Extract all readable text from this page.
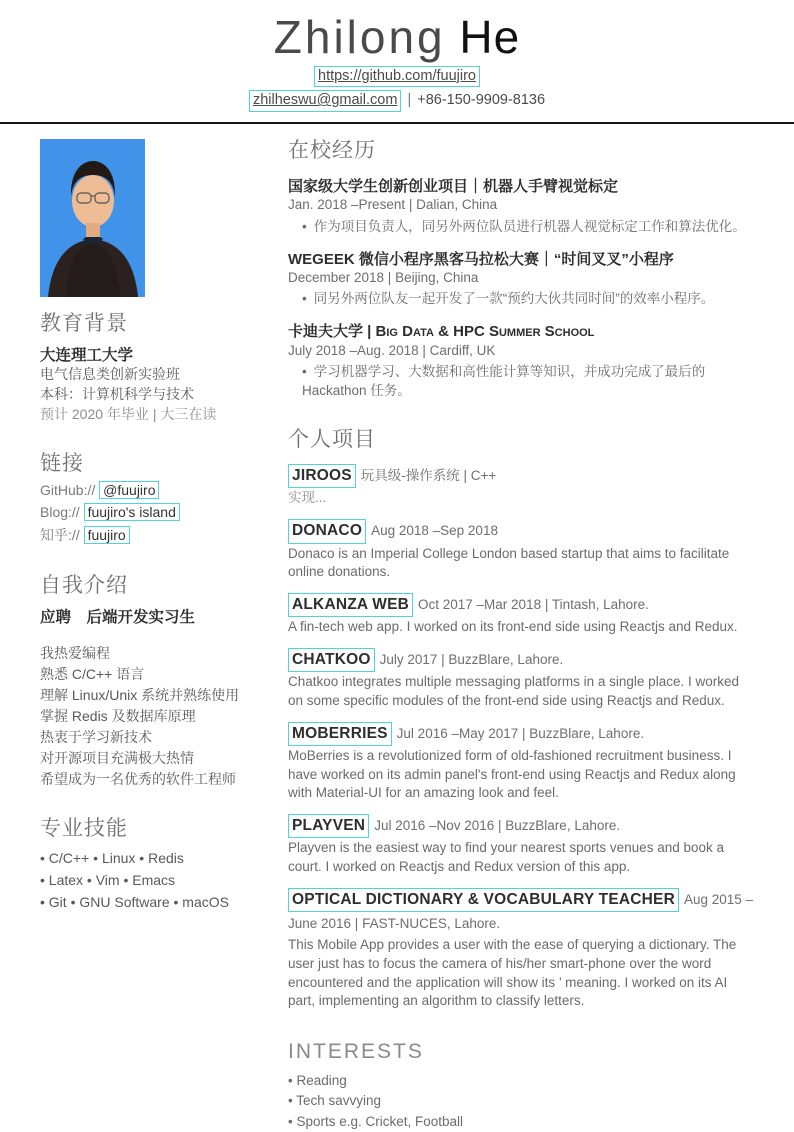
Zhilong He
https://github.com/fuujiro
zhilheswu@gmail.com | +86-150-9909-8136
教育背景
大连理工大学
电气信息类创新实验班
本科：计算机科学与技术
预计 2020 年毕业 | 大三在读
链接
GitHub:// @fuujiro
Blog:// fuujiro's island
知乎:// fuujiro
自我介绍
应聘　后端开发实习生
我热爱编程
熟悉 C/C++ 语言
理解 Linux/Unix 系统并熟练使用
掌握 Redis 及数据库原理
热衷于学习新技术
对开源项目充满极大热情
希望成为一名优秀的软件工程师
专业技能
• C/C++ • Linux • Redis
• Latex • Vim • Emacs
• Git • GNU Software • macOS
在校经历
国家级大学生创新创业项目｜机器人手臂视觉标定
Jan. 2018 –Present | Dalian, China
• 作为项目负责人，同另外两位队员进行机器人视觉标定工作和算法优化。
WEGEEK 微信小程序黑客马拉松大赛｜“时间叉叉”小程序
December 2018 | Beijing, China
• 同另外两位队友一起开发了一款“预约大伙共同时间”的效率小程序。
卡迪夫大学 | Big Data & HPC Summer School
July 2018 –Aug. 2018 | Cardiff, UK
• 学习机器学习、大数据和高性能计算等知识，并成功完成了最后的 Hackathon 任务。
个人项目

JIROOS 玩具级-操作系统 | C++

实现...

DONACO Aug 2018 –Sep 2018

Donaco is an Imperial College London based startup that aims to facilitate online donations.

ALKANZA WEB Oct 2017 –Mar 2018 | Tintash, Lahore.

A fin-tech web app. I worked on its front-end side using Reactjs and Redux.

CHATKOO July 2017 | BuzzBlare, Lahore.

Chatkoo integrates multiple messaging platforms in a single place. I worked on some specific modules of the front-end side using Reactjs and Redux.

MOBERRIES Jul 2016 –May 2017 | BuzzBlare, Lahore.

MoBerries is a revolutionized form of old-fashioned recruitment business. I have worked on its admin panel's front-end using Reactjs and Redux along with Material-UI for an amazing look and feel.

PLAYVEN Jul 2016 –Nov 2016 | BuzzBlare, Lahore.

Playven is the easiest way to find your nearest sports venues and book a court. I worked on Reactjs and Redux version of this app.

OPTICAL DICTIONARY & VOCABULARY TEACHER Aug 2015 –June 2016 | FAST-NUCES, Lahore.

This Mobile App provides a user with the ease of querying a dictionary. The user just has to focus the camera of his/her smart-phone over the word encountered and the application will show its ’ meaning. I worked on its AI part, implementing an algorithm to classify letters.

INTERESTS
• Reading
• Tech savvying
• Sports e.g. Cricket, Football
